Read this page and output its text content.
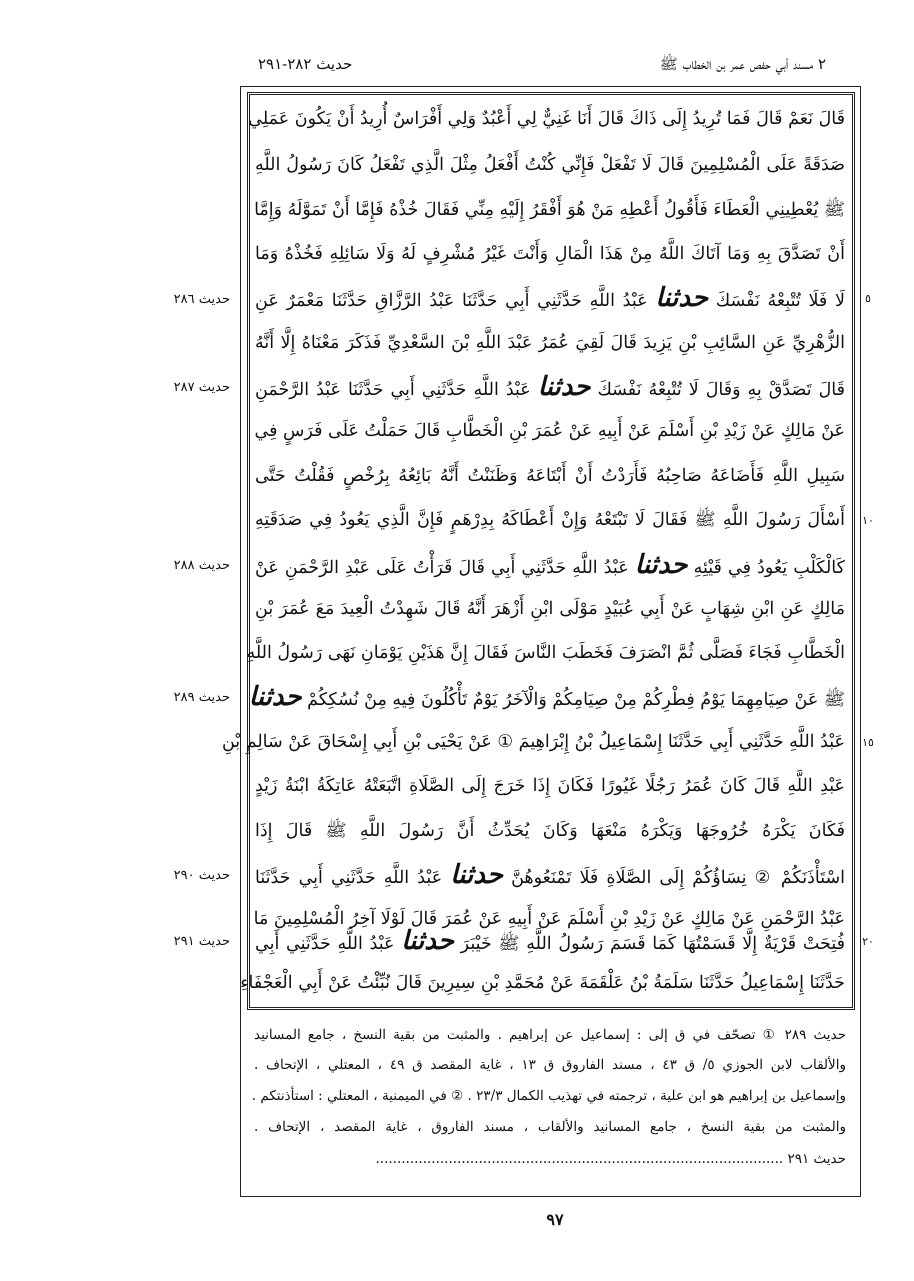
٢ مسند أبي حفص عمر بن الخطاب ﷺ
حديث ٢٨٢-٢٩١
قَالَ نَعَمْ قَالَ فَمَا تُرِيدُ إِلَى ذَاكَ قَالَ أَنَا غَنِيٌّ لِي أَعْبُدٌ وَلِي أَفْرَاسٌ أُرِيدُ أَنْ يَكُونَ عَمَلِي
صَدَقَةً عَلَى الْمُسْلِمِينَ قَالَ لَا تَفْعَلْ فَإِنِّي كُنْتُ أَفْعَلُ مِثْلَ الَّذِي تَفْعَلُ كَانَ رَسُولُ اللَّهِ
ﷺ يُعْطِينِي الْعَطَاءَ فَأَقُولُ أَعْطِهِ مَنْ هُوَ أَفْقَرُ إِلَيْهِ مِنِّي فَقَالَ خُذْهُ فَإِمَّا أَنْ تَمَوَّلَهُ وَإِمَّا
أَنْ تَصَدَّقَ بِهِ وَمَا آتَاكَ اللَّهُ مِنْ هَذَا الْمَالِ وَأَنْتَ غَيْرُ مُشْرِفٍ لَهُ وَلَا سَائِلِهِ فَخُذْهُ وَمَا
لَا فَلَا تُتْبِعْهُ نَفْسَكَ حدثنا عَبْدُ اللَّهِ حَدَّثَنِي أَبِي حَدَّثَنَا عَبْدُ الرَّزَّاقِ حَدَّثَنَا مَعْمَرٌ عَنِ
الزُّهْرِيِّ عَنِ السَّائِبِ بْنِ يَزِيدَ قَالَ لَقِيَ عُمَرُ عَبْدَ اللَّهِ بْنَ السَّعْدِيِّ فَذَكَرَ مَعْنَاهُ إِلَّا أَنَّهُ
قَالَ تَصَدَّقْ بِهِ وَقَالَ لَا تُتْبِعْهُ نَفْسَكَ حدثنا عَبْدُ اللَّهِ حَدَّثَنِي أَبِي حَدَّثَنَا عَبْدُ الرَّحْمَنِ
عَنْ مَالِكٍ عَنْ زَيْدِ بْنِ أَسْلَمَ عَنْ أَبِيهِ عَنْ عُمَرَ بْنِ الْخَطَّابِ قَالَ حَمَلْتُ عَلَى فَرَسٍ فِي
سَبِيلِ اللَّهِ فَأَضَاعَهُ صَاحِبُهُ فَأَرَدْتُ أَنْ أَبْتَاعَهُ وَظَنَنْتُ أَنَّهُ بَائِعُهُ بِرُخْصٍ فَقُلْتُ حَتَّى
أَسْأَلَ رَسُولَ اللَّهِ ﷺ فَقَالَ لَا تَبْتَعْهُ وَإِنْ أَعْطَاكَهُ بِدِرْهَمٍ فَإِنَّ الَّذِي يَعُودُ فِي صَدَقَتِهِ
كَالْكَلْبِ يَعُودُ فِي قَيْئِهِ حدثنا عَبْدُ اللَّهِ حَدَّثَنِي أَبِي قَالَ قَرَأْتُ عَلَى عَبْدِ الرَّحْمَنِ عَنْ
مَالِكٍ عَنِ ابْنِ شِهَابٍ عَنْ أَبِي عُبَيْدٍ مَوْلَى ابْنِ أَزْهَرَ أَنَّهُ قَالَ شَهِدْتُ الْعِيدَ مَعَ عُمَرَ بْنِ
الْخَطَّابِ فَجَاءَ فَصَلَّى ثُمَّ انْصَرَفَ فَخَطَبَ النَّاسَ فَقَالَ إِنَّ هَذَيْنِ يَوْمَانِ نَهَى رَسُولُ اللَّهِ
ﷺ عَنْ صِيَامِهِمَا يَوْمُ فِطْرِكُمْ مِنْ صِيَامِكُمْ وَالْآخَرُ يَوْمٌ تَأْكُلُونَ فِيهِ مِنْ نُسُكِكُمْ حدثنا
عَبْدُ اللَّهِ حَدَّثَنِي أَبِي حَدَّثَنَا إِسْمَاعِيلُ بْنُ إِبْرَاهِيمَ ① عَنْ يَحْيَى بْنِ أَبِي إِسْحَاقَ عَنْ سَالِمِ بْنِ
عَبْدِ اللَّهِ قَالَ كَانَ عُمَرُ رَجُلًا غَيُورًا فَكَانَ إِذَا خَرَجَ إِلَى الصَّلَاةِ اتَّبَعَتْهُ عَاتِكَةُ ابْنَةُ زَيْدٍ
فَكَانَ يَكْرَهُ خُرُوجَهَا وَيَكْرَهُ مَنْعَهَا وَكَانَ يُحَدِّثُ أَنَّ رَسُولَ اللَّهِ ﷺ قَالَ إِذَا
اسْتَأْذَنَكُمْ ② نِسَاؤُكُمْ إِلَى الصَّلَاةِ فَلَا تَمْنَعُوهُنَّ حدثنا عَبْدُ اللَّهِ حَدَّثَنِي أَبِي حَدَّثَنَا
عَبْدُ الرَّحْمَنِ عَنْ مَالِكٍ عَنْ زَيْدِ بْنِ أَسْلَمَ عَنْ أَبِيهِ عَنْ عُمَرَ قَالَ لَوْلَا آخِرُ الْمُسْلِمِينَ مَا
فُتِحَتْ قَرْيَةٌ إِلَّا قَسَمْتُهَا كَمَا قَسَمَ رَسُولُ اللَّهِ ﷺ خَيْبَرَ حدثنا عَبْدُ اللَّهِ حَدَّثَنِي أَبِي
حَدَّثَنَا إِسْمَاعِيلُ حَدَّثَنَا سَلَمَةُ بْنُ عَلْقَمَةَ عَنْ مُحَمَّدِ بْنِ سِيرِينَ قَالَ نُبِّئْتُ عَنْ أَبِي الْعَجْفَاءِ
حديث ٢٨٦
حديث ٢٨٧
حديث ٢٨٨
حديث ٢٨٩
حديث ٢٩٠
حديث ٢٩١
٥
١٠
١٥
٢٠
حديث ٢٨٩ ① تصحّف في ق إلى : إسماعيل عن إبراهيم . والمثبت من بقية النسخ ، جامع المسانيد
والألقاب لابن الجوزي ٥/ ق ٤٣ ، مسند الفاروق ق ١٣ ، غاية المقصد ق ٤٩ ، المعتلي ، الإتحاف .
وإسماعيل بن إبراهيم هو ابن علية ، ترجمته في تهذيب الكمال ٢٣/٣ . ② في الميمنية ، المعتلي : استأذنتكم .
والمثبت من بقية النسخ ، جامع المسانيد والألقاب ، مسند الفاروق ، غاية المقصد ، الإتحاف .
حديث ٢٩١ ...............................................................................................
٩٧
